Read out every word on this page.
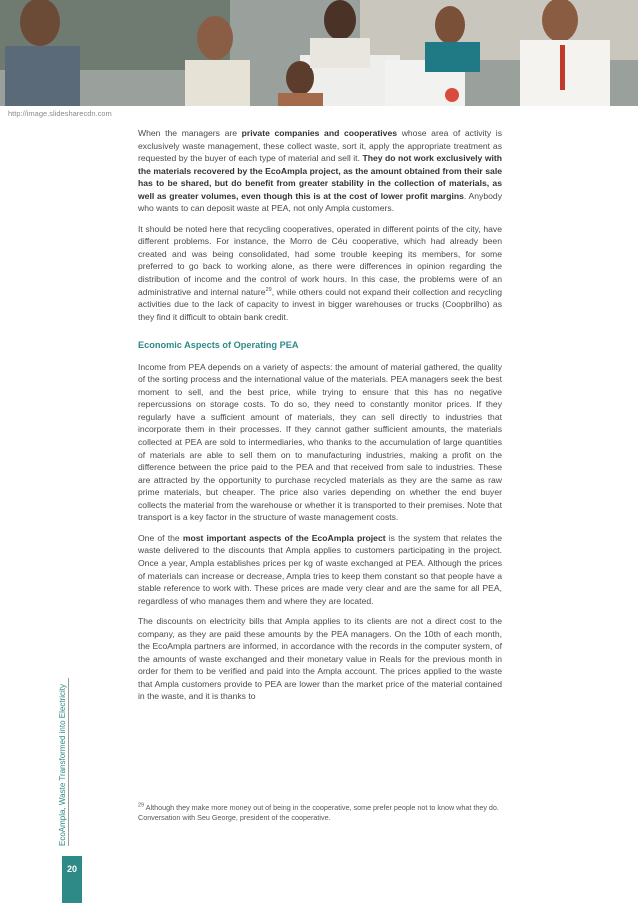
http://image.slidesharecdn.com

When the managers are private companies and cooperatives whose area of activity is exclusively waste management, these collect waste, sort it, apply the appropriate treatment as requested by the buyer of each type of material and sell it. They do not work exclusively with the materials recovered by the EcoAmpla project, as the amount obtained from their sale has to be shared, but do benefit from greater stability in the collection of materials, as well as greater volumes, even though this is at the cost of lower profit margins. Anybody who wants to can deposit waste at PEA, not only Ampla customers.

It should be noted here that recycling cooperatives, operated in different points of the city, have different problems. For instance, the Morro de Céu cooperative, which had already been created and was being consolidated, had some trouble keeping its members, for some preferred to go back to working alone, as there were differences in opinion regarding the distribution of income and the control of work hours. In this case, the problems were of an administrative and internal nature$^{29}$, while others could not expand their collection and recycling activities due to the lack of capacity to invest in bigger warehouses or trucks (Coopbrilho) as they find it difficult to obtain bank credit.

Economic Aspects of Operating PEA

Income from PEA depends on a variety of aspects: the amount of material gathered, the quality of the sorting process and the international value of the materials. PEA managers seek the best moment to sell, and the best price, while trying to ensure that this has no negative repercussions on storage costs. To do so, they need to constantly monitor prices. If they regularly have a sufficient amount of materials, they can sell directly to industries that incorporate them in their processes. If they cannot gather sufficient amounts, the materials collected at PEA are sold to intermediaries, who thanks to the accumulation of large quantities of materials are able to sell them on to manufacturing industries, making a profit on the difference between the price paid to the PEA and that received from sale to industries. These are attracted by the opportunity to purchase recycled materials as they are the same as raw prime materials, but cheaper. The price also varies depending on whether the end buyer collects the material from the warehouse or whether it is transported to their premises. Note that transport is a key factor in the structure of waste management costs.

One of the most important aspects of the EcoAmpla project is the system that relates the waste delivered to the discounts that Ampla applies to customers participating in the project. Once a year, Ampla establishes prices per kg of waste exchanged at PEA. Although the prices of materials can increase or decrease, Ampla tries to keep them constant so that people have a stable reference to work with. These prices are made very clear and are the same for all PEA, regardless of who manages them and where they are located.

The discounts on electricity bills that Ampla applies to its clients are not a direct cost to the company, as they are paid these amounts by the PEA managers. On the 10th of each month, the EcoAmpla partners are informed, in accordance with the records in the computer system, of the amounts of waste exchanged and their monetary value in Reals for the previous month in order for them to be verified and paid into the Ampla account. The prices applied to the waste that Ampla customers provide to PEA are lower than the market price of the material contained in the waste, and it is thanks to

$^{29}$ Although they make more money out of being in the cooperative, some prefer people not to know what they do. Conversation with Seu George, president of the cooperative.
EcoAmpla, Waste Transformed into Electricity
20
